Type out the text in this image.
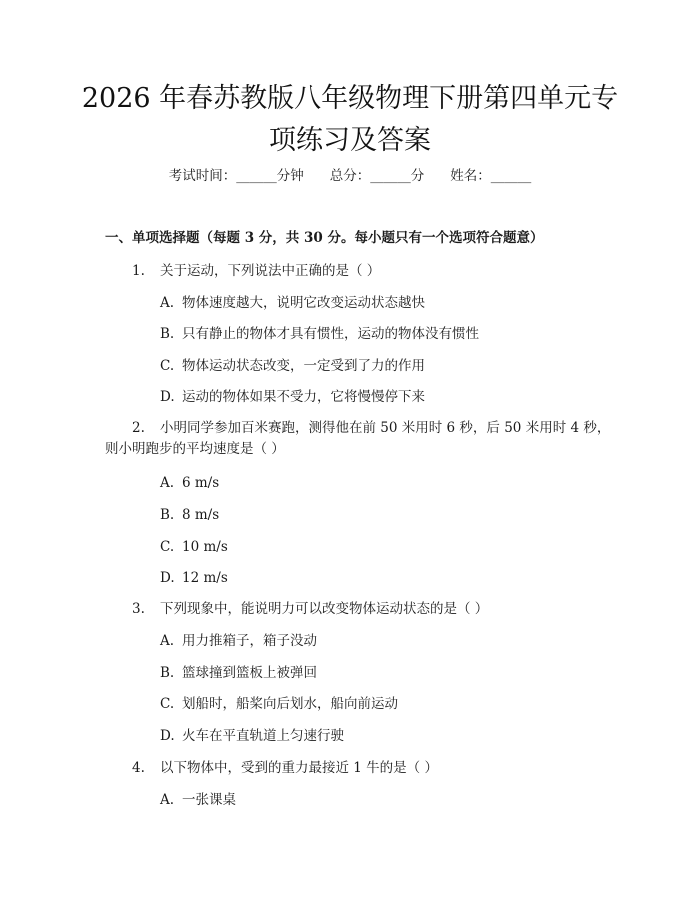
2026 年春苏教版八年级物理下册第四单元专
项练习及答案
考试时间：______分钟 总分：______分 姓名：______
一、单项选择题（每题 3 分，共 30 分。每小题只有一个选项符合题意）
1. 关于运动，下列说法中正确的是（ ）
A. 物体速度越大，说明它改变运动状态越快
B. 只有静止的物体才具有惯性，运动的物体没有惯性
C. 物体运动状态改变，一定受到了力的作用
D. 运动的物体如果不受力，它将慢慢停下来
2. 小明同学参加百米赛跑，测得他在前 50 米用时 6 秒，后 50 米用时 4 秒，
则小明跑步的平均速度是（ ）
A. 6 m/s
B. 8 m/s
C. 10 m/s
D. 12 m/s
3. 下列现象中，能说明力可以改变物体运动状态的是（ ）
A. 用力推箱子，箱子没动
B. 篮球撞到篮板上被弹回
C. 划船时，船桨向后划水，船向前运动
D. 火车在平直轨道上匀速行驶
4. 以下物体中，受到的重力最接近 1 牛的是（ ）
A. 一张课桌
